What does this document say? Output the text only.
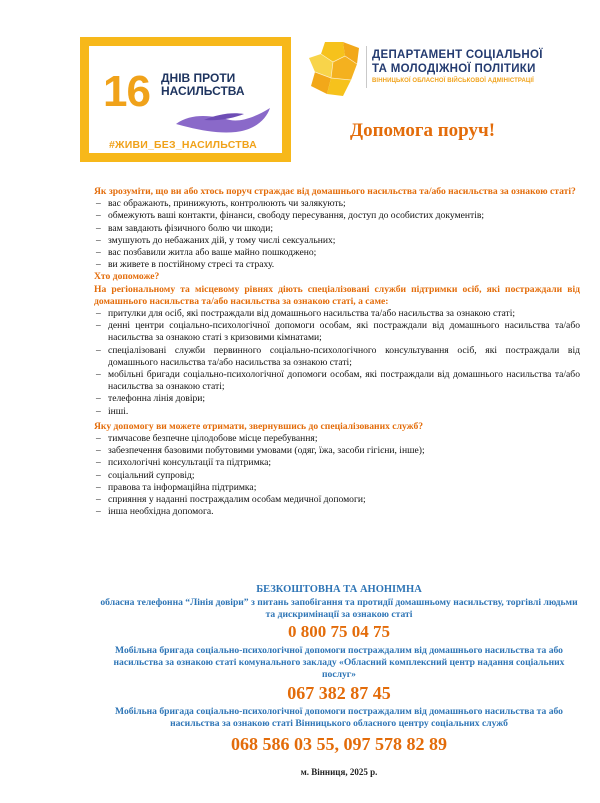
16 ДНІВ ПРОТИ
НАСИЛЬСТВА
#ЖИВИ_БЕЗ_НАСИЛЬСТВА
ДЕПАРТАМЕНТ СОЦІАЛЬНОЇ
ТА МОЛОДІЖНОЇ ПОЛІТИКИ
ВІННИЦЬКОЇ ОБЛАСНОЇ ВІЙСЬКОВОЇ АДМІНІСТРАЦІЇ
Допомога поруч!
Як зрозуміти, що ви або хтось поруч страждає від домашнього насильства та/або насильства за ознакою статі?
– вас ображають, принижують, контролюють чи залякують;
– обмежують ваші контакти, фінанси, свободу пересування, доступ до особистих документів;
– вам завдають фізичного болю чи шкоди;
– змушують до небажаних дій, у тому числі сексуальних;
– вас позбавили житла або ваше майно пошкоджено;
– ви живете в постійному стресі та страху.
Хто допоможе?
На регіональному та місцевому рівнях діють спеціалізовані служби підтримки осіб, які постраждали від домашнього насильства та/або насильства за ознакою статі, а саме:
– притулки для осіб, які постраждали від домашнього насильства та/або насильства за ознакою статі;
– денні центри соціально-психологічної допомоги особам, які постраждали від домашнього насильства та/або насильства за ознакою статі з кризовими кімнатами;
– спеціалізовані служби первинного соціально-психологічного консультування осіб, які постраждали від домашнього насильства та/або насильства за ознакою статі;
– мобільні бригади соціально-психологічної допомоги особам, які постраждали від домашнього насильства та/або насильства за ознакою статі;
– телефонна лінія довіри;
– інші.
Яку допомогу ви можете отримати, звернувшись до спеціалізованих служб?
– тимчасове безпечне цілодобове місце перебування;
– забезпечення базовими побутовими умовами (одяг, їжа, засоби гігієни, інше);
– психологічні консультації та підтримка;
– соціальний супровід;
– правова та інформаційна підтримка;
– сприяння у наданні постраждалим особам медичної допомоги;
– інша необхідна допомога.
БЕЗКОШТОВНА ТА АНОНІМНА
обласна телефонна “Лінія довіри” з питань запобігання та протидії домашньому насильству, торгівлі людьми та дискримінації за ознакою статі
0 800 75 04 75
Мобільна бригада соціально-психологічної допомоги постраждалим від домашнього насильства та або насильства за ознакою статі комунального закладу «Обласний комплексний центр надання соціальних послуг»
067 382 87 45
Мобільна бригада соціально-психологічної допомоги постраждалим від домашнього насильства та або насильства за ознакою статі Вінницького обласного центру соціальних служб
068 586 03 55, 097 578 82 89
м. Вінниця, 2025 р.
